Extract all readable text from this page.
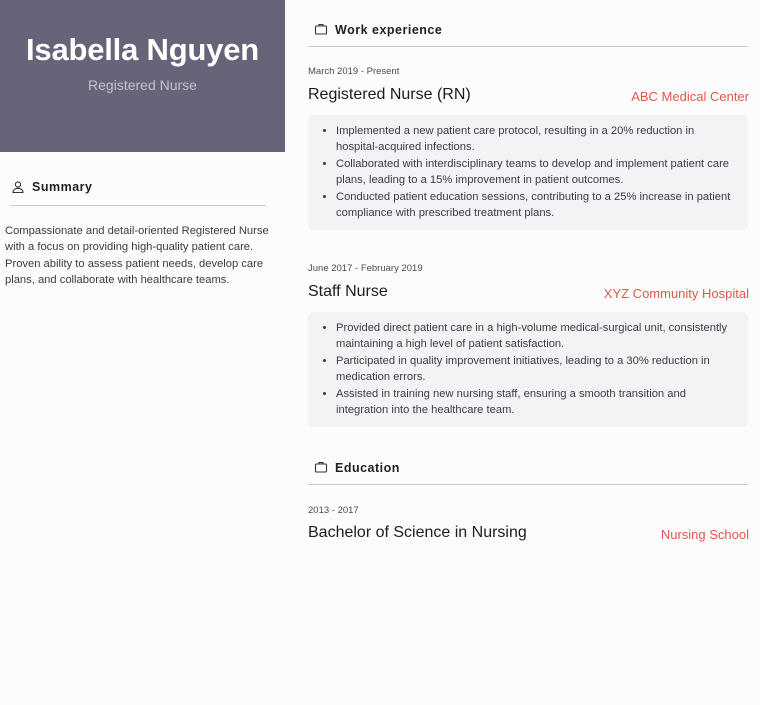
Isabella Nguyen
Registered Nurse
Summary
Compassionate and detail-oriented Registered Nurse with a focus on providing high-quality patient care. Proven ability to assess patient needs, develop care plans, and collaborate with healthcare teams.
Work experience
March 2019 - Present
Registered Nurse (RN)	ABC Medical Center
• Implemented a new patient care protocol, resulting in a 20% reduction in hospital-acquired infections.
• Collaborated with interdisciplinary teams to develop and implement patient care plans, leading to a 15% improvement in patient outcomes.
• Conducted patient education sessions, contributing to a 25% increase in patient compliance with prescribed treatment plans.
June 2017 - February 2019
Staff Nurse	XYZ Community Hospital
• Provided direct patient care in a high-volume medical-surgical unit, consistently maintaining a high level of patient satisfaction.
• Participated in quality improvement initiatives, leading to a 30% reduction in medication errors.
• Assisted in training new nursing staff, ensuring a smooth transition and integration into the healthcare team.
Education
2013 - 2017
Bachelor of Science in Nursing	Nursing School
